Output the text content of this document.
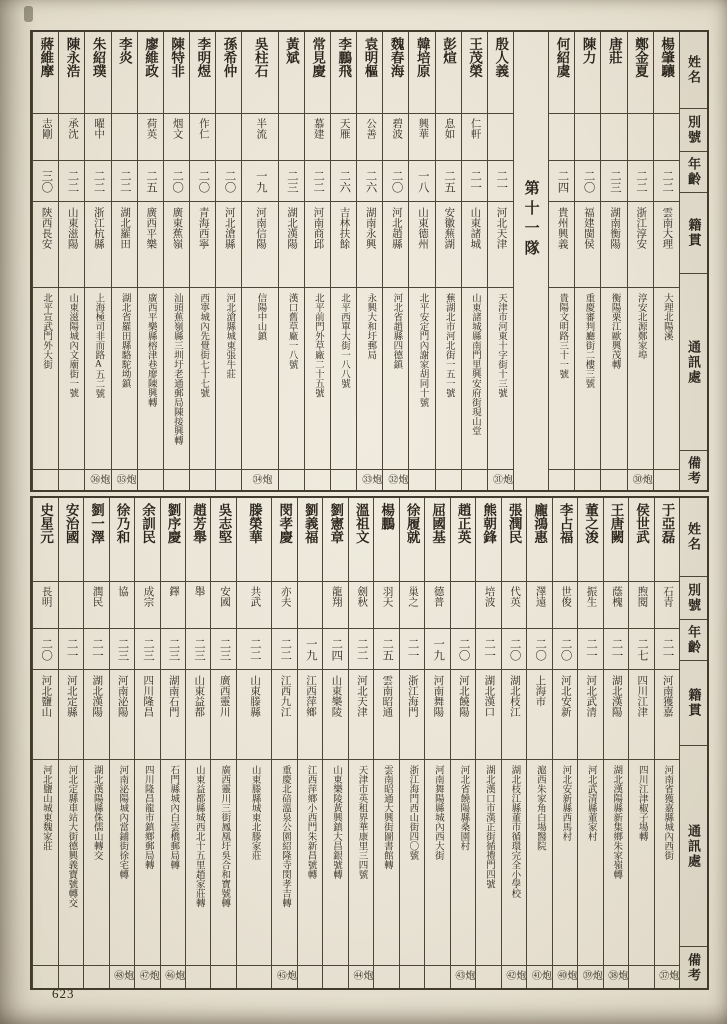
姓名
別號
年齡
籍貫
通訊處
備考
楊肇驤
二二
雲南大理
大理北陽溪
鄭金夏
二二
浙江淳安
淳安北源鄭家埠
炮㉚
唐莊
二三
湖南衡陽
衡陽栗江歐興茂轉
陳力
二〇
福建閩侯
重慶審判廳街二樓三號
何紹虞
二四
貴州興義
貴陽文明路三十一號
第十一隊
殷人義
二一
河北天津
天津市河東十字街十三號
炮㉛
王茂榮
仁軒
二一
山東諸城
山東諸城縣南門里興安府街現山堂
彭煊
息如
二五
安徽蕪湖
蕪湖北市河北街一五一號
韓培原
興華
一八
山東德州
北平安定門內謝家胡同十號
魏春海
碧波
二〇
河北趙縣
河北省趙縣四德鎮
炮㉜
袁明樞
公善
二六
湖南永興
永興大和圩郵局
炮㉝
李鵬飛
天雁
二六
吉林扶餘
北平西單大街一八八號
常見慶
慕建
二二
河南商邱
北平前門外草廠二十五號
黃斌
二三
湖北漢陽
漢口舊草廠一八號
吳柱石
半流
一九
河南信陽
信陽中山鎮
炮㉞
孫希仲
二〇
河北滄縣
河北滄縣城東張牛莊
李明煜
作仁
二〇
青海西寧
西寧城內先覺街七十七號
陳特非
烟文
二〇
廣東蕉嶺
汕頭蕉嶺縣三圳圩老通郵局陳接興轉
廖維政
荷英
二五
廣西平樂
廣西平樂縣榕津巷廖陳興轉
李炎
二二
湖北羅田
湖北省羅田縣駱駝坳鎮
炮㉟
朱紹璞
曜中
二二
浙江杭縣
上海極司非而路A五二號
炮㊱
陳永浩
承沈
二二
山東滋陽
山東滋陽城內文廟街一號
蔣維摩
志剛
三〇
陝西長安
北平宣武門外大街
姓名
別號
年齡
籍貫
通訊處
備考
于亞磊
石青
二一
河南獲嘉
河南省獲嘉縣城內西街
炮㊲
侯世武
煦閱
二七
四川江津
四川江津椒子場轉
王唐闕
蔭槐
二一
湖北漢陽
湖北漢陽縣新集鄉朱家嶺轉
炮㊳
董之浚
振生
二一
河北武清
河北武清縣董家村
炮㊴
李占福
世俊
二〇
河北安新
河北安新縣西馬村
炮㊵
龐鴻惠
澤遠
二〇
上海市
滬西朱家角白場醫院
炮㊶
張潤民
代英
二〇
湖北枝江
湖北枝江縣董市循環完全小學校
炮㊷
熊朝鋒
培波
二一
湖北漢口
湖北漢口市漢正街循禮門四號
趙正英
二〇
河北饒陽
河北省饒陽縣桑園村
炮㊸
屈國基
德普
一九
河南舞陽
河南舞陽縣城內西大街
徐履就
巢之
二一
浙江海門
浙江海門西山街四〇號
楊鵬
羽天
二五
雲南昭通
雲南昭通大興街圖書館轉
溫祖文
劍秋
二二
河北天津
天津市英租界華康里三四號
炮㊹
劉憲章
龍翔
二四
山東樂陵
山東樂陵黃興鎮大昌銀號轉
劉義福
一九
江西萍鄉
江西萍鄉小西門朱新昌號轉
閔孝慶
亦夫
二二
江西九江
重慶北碚溫泉公園紹隆寺閔孝吉轉
炮㊺
滕榮華
共武
二二
山東滕縣
山東滕縣城東北滕家莊
吳志堅
安國
二三
廣西靈川
廣西靈川三街鳳凰圩吳合和寶號轉
趙芳舉
舉
二三
山東益都
山東益都縣城西北十五里趙家莊轉
劉序慶
鐸
二三
湖南石門
石門縣城內白雲橋郵局轉
炮㊻
余訓民
成宗
二三
四川隆昌
四川隆昌龍市鎮鄉郵局轉
炮㊼
徐乃和
協
二三
河南泌陽
河南泌陽城內當鋪街徐宅轉
炮㊽
劉一澤
潤民
二一
湖北漢陽
湖北漢陽縣侏儒山轉交
安治國
二一
河北定縣
河北定縣車站大街德興義寶號轉交
史星元
長明
二〇
河北鹽山
河北鹽山城東魏家莊
623
